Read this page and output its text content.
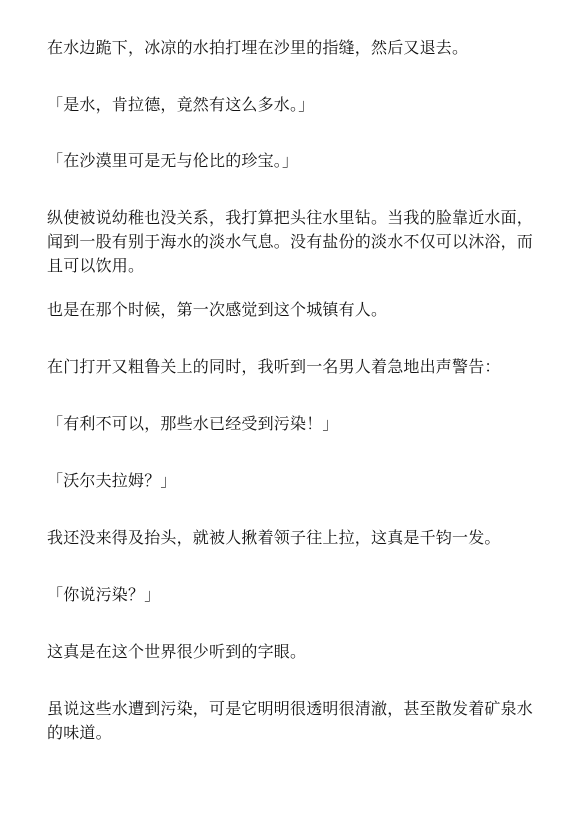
在水边跪下，冰凉的水拍打埋在沙里的指缝，然后又退去。

「是水，肯拉德，竟然有这么多水。」

「在沙漠里可是无与伦比的珍宝。」

纵使被说幼稚也没关系，我打算把头往水里钻。当我的脸靠近水面，闻到一股有别于海水的淡水气息。没有盐份的淡水不仅可以沐浴，而且可以饮用。

也是在那个时候，第一次感觉到这个城镇有人。

在门打开又粗鲁关上的同时，我听到一名男人着急地出声警告：

「有利不可以，那些水已经受到污染！」

「沃尔夫拉姆？」

我还没来得及抬头，就被人揪着领子往上拉，这真是千钧一发。

「你说污染？」

这真是在这个世界很少听到的字眼。

虽说这些水遭到污染，可是它明明很透明很清澈，甚至散发着矿泉水的味道。
